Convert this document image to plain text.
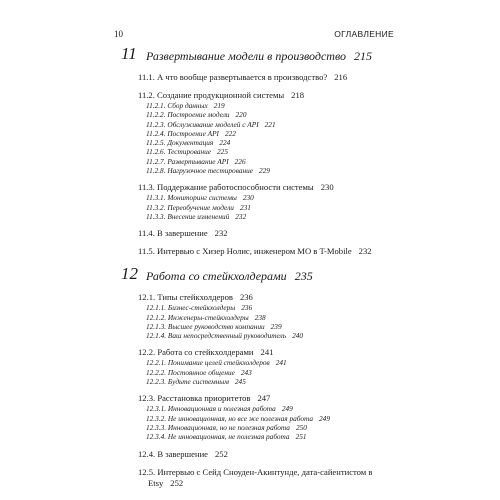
10	ОГЛАВЛЕНИЕ
11 Развертывание модели в производство 215
11.1. А что вообще развертывается в производство? 216
11.2. Создание продукционной системы 218
11.2.1. Сбор данных 219
11.2.2. Построение модели 220
11.2.3. Обслуживание моделей с API 221
11.2.4. Построение API 222
11.2.5. Документация 224
11.2.6. Тестирование 225
11.2.7. Развертывание API 226
11.2.8. Нагрузочное тестирование 229
11.3. Поддержание работоспособности системы 230
11.3.1. Мониторинг системы 230
11.3.2. Переобучение модели 231
11.3.3. Внесение изменений 232
11.4. В завершение 232
11.5. Интервью с Хизер Нолис, инженером МО в T-Mobile 232
12 Работа со стейкхолдерами 235
12.1. Типы стейкхолдеров 236
12.1.1. Бизнес-стейкхолдеры 236
12.1.2. Инженеры-стейкхолдеры 238
12.1.3. Высшее руководство компании 239
12.1.4. Ваш непосредственный руководитель 240
12.2. Работа со стейкхолдерами 241
12.2.1. Понимание целей стейкхолдеров 241
12.2.2. Постоянное общение 243
12.2.3. Будьте системным 245
12.3. Расстановка приоритетов 247
12.3.1. Инновационная и полезная работа 249
12.3.2. Не инновационная, но все же полезная работа 249
12.3.3. Инновационная, но не полезная работа 250
12.3.4. Не инновационная, не полезная работа 251
12.4. В завершение 252
12.5. Интервью с Сейд Сноуден-Акинтунде, дата-сайентистом в Etsy 252
